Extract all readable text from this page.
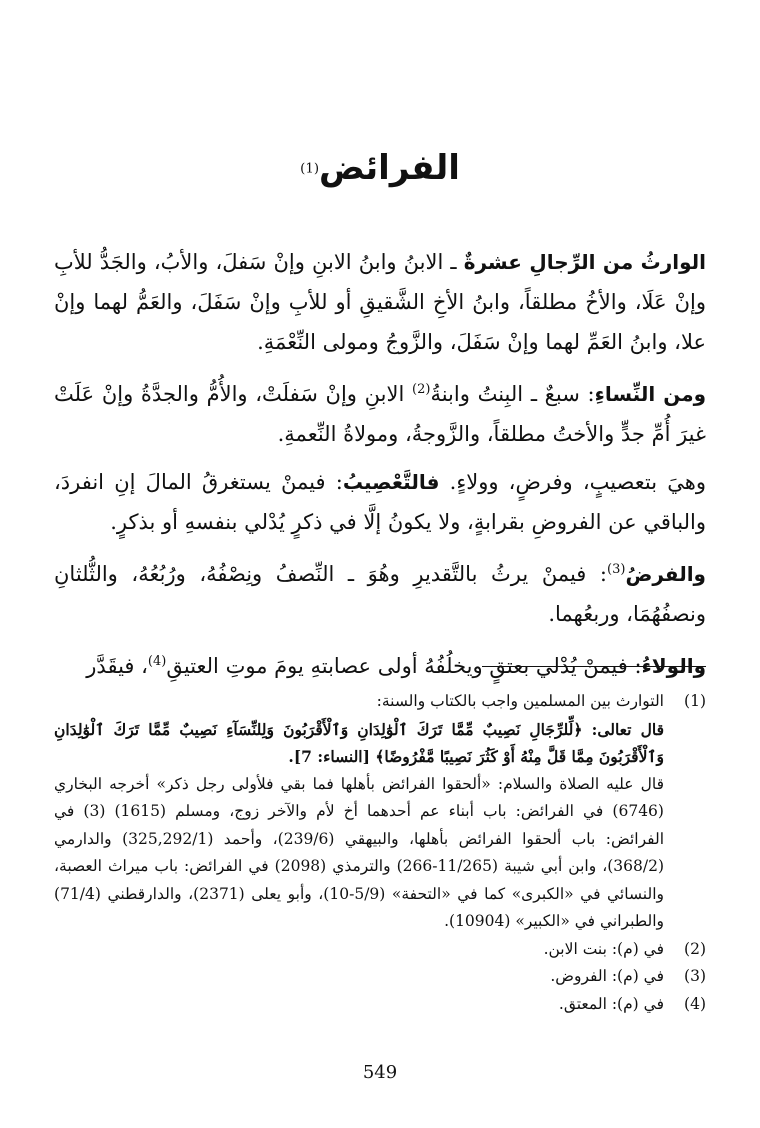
الفرائض$^{(1)}$

الوارثُ من الرِّجالِ عشرةٌ ـ الابنُ وابنُ الابنِ وإنْ سَفلَ، والأبُ، والجَدُّ للأبِ وإنْ عَلَا، والأخُ مطلقاً، وابنُ الأخِ الشَّقيقِ أو للأبِ وإنْ سَفَلَ، والعَمُّ لهما وإنْ علا، وابنُ العَمِّ لهما وإنْ سَفَلَ، والزَّوجُ ومولى النِّعْمَةِ.

ومن النِّساءِ: سبعٌ ـ البِنتُ وابنةُ$^{(2)}$ الابنِ وإنْ سَفلَتْ، والأُمُّ والجدَّةُ وإنْ عَلَتْ غيرَ أُمِّ جدٍّ والأختُ مطلقاً، والزَّوجةُ، ومولاةُ النِّعمةِ.

وهيَ بتعصيبٍ، وفرضٍ، وولاءٍ. فالتَّعْصِيبُ: فيمنْ يستغرقُ المالَ إنِ انفردَ، والباقي عن الفروضِ بقرابةٍ، ولا يكونُ إلَّا في ذكرٍ يُدْلي بنفسهِ أو بذكرٍ.

والفرضُ$^{(3)}$: فيمنْ يرثُ بالتَّقديرِ وهُوَ ـ النِّصفُ ونِصْفُهُ، ورُبُعُهُ، والثُّلثانِ ونصفُهُمَا، وربعُهما.

والولاءُ: فيمنْ يُدْلي بعتقٍ ويخلُفُهُ أولى عصابتهِ يومَ موتِ العتيقِ$^{(4)}$، فيقَدَّر

(1)

التوارث بين المسلمين واجب بالكتاب والسنة:

قال تعالى: ﴿لِّلرِّجَالِ نَصِيبٌ مِّمَّا تَرَكَ ٱلْوَٰلِدَانِ وَٱلْأَقْرَبُونَ وَلِلنِّسَآءِ نَصِيبٌ مِّمَّا تَرَكَ ٱلْوَٰلِدَانِ وَٱلْأَقْرَبُونَ مِمَّا قَلَّ مِنْهُ أَوْ كَثُرَ نَصِيبًا مَّفْرُوضًا﴾ [النساء: 7].

قال عليه الصلاة والسلام: «ألحقوا الفرائض بأهلها فما بقي فلأولى رجل ذكر» أخرجه البخاري (6746) في الفرائض: باب أبناء عم أحدهما أخ لأم والآخر زوج، ومسلم (1615) (3) في الفرائض: باب ألحقوا الفرائض بأهلها، والبيهقي (239/6)، وأحمد (325,292/1) والدارمي (368/2)، وابن أبي شيبة (11/265-266) والترمذي (2098) في الفرائض: باب ميراث العصبة، والنسائي في «الكبرى» كما في «التحفة» (5/9-10)، وأبو يعلى (2371)، والدارقطني (71/4) والطبراني في «الكبير» (10904).

(2)

في (م): بنت الابن.

(3)

في (م): الفروض.

(4)

في (م): المعتق.

549
